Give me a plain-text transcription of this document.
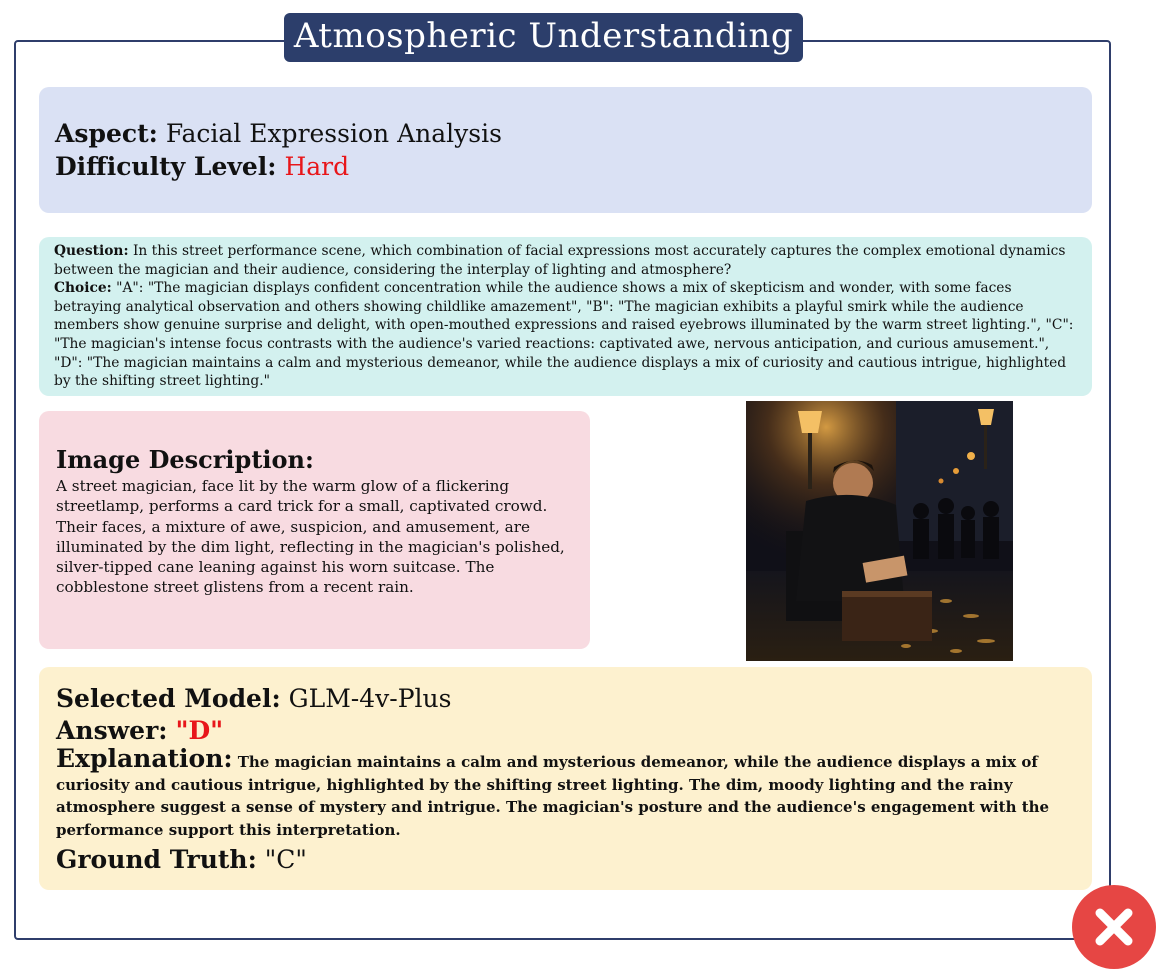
Atmospheric Understanding
Aspect: Facial Expression Analysis
Difficulty Level: Hard
Question: In this street performance scene, which combination of facial expressions most accurately captures the complex emotional dynamics between the magician and their audience, considering the interplay of lighting and atmosphere?
Choice: "A": "The magician displays confident concentration while the audience shows a mix of skepticism and wonder, with some faces betraying analytical observation and others showing childlike amazement", "B": "The magician exhibits a playful smirk while the audience members show genuine surprise and delight, with open-mouthed expressions and raised eyebrows illuminated by the warm street lighting.", "C": "The magician's intense focus contrasts with the audience's varied reactions: captivated awe, nervous anticipation, and curious amusement.", "D": "The magician maintains a calm and mysterious demeanor, while the audience displays a mix of curiosity and cautious intrigue, highlighted by the shifting street lighting."
Image Description:
A street magician, face lit by the warm glow of a flickering streetlamp, performs a card trick for a small, captivated crowd. Their faces, a mixture of awe, suspicion, and amusement, are illuminated by the dim light, reflecting in the magician's polished, silver-tipped cane leaning against his worn suitcase. The cobblestone street glistens from a recent rain.
Selected Model: GLM-4v-Plus
Answer: "D"
Explanation: The magician maintains a calm and mysterious demeanor, while the audience displays a mix of curiosity and cautious intrigue, highlighted by the shifting street lighting. The dim, moody lighting and the rainy atmosphere suggest a sense of mystery and intrigue. The magician's posture and the audience's engagement with the performance support this interpretation.
Ground Truth: "C"
